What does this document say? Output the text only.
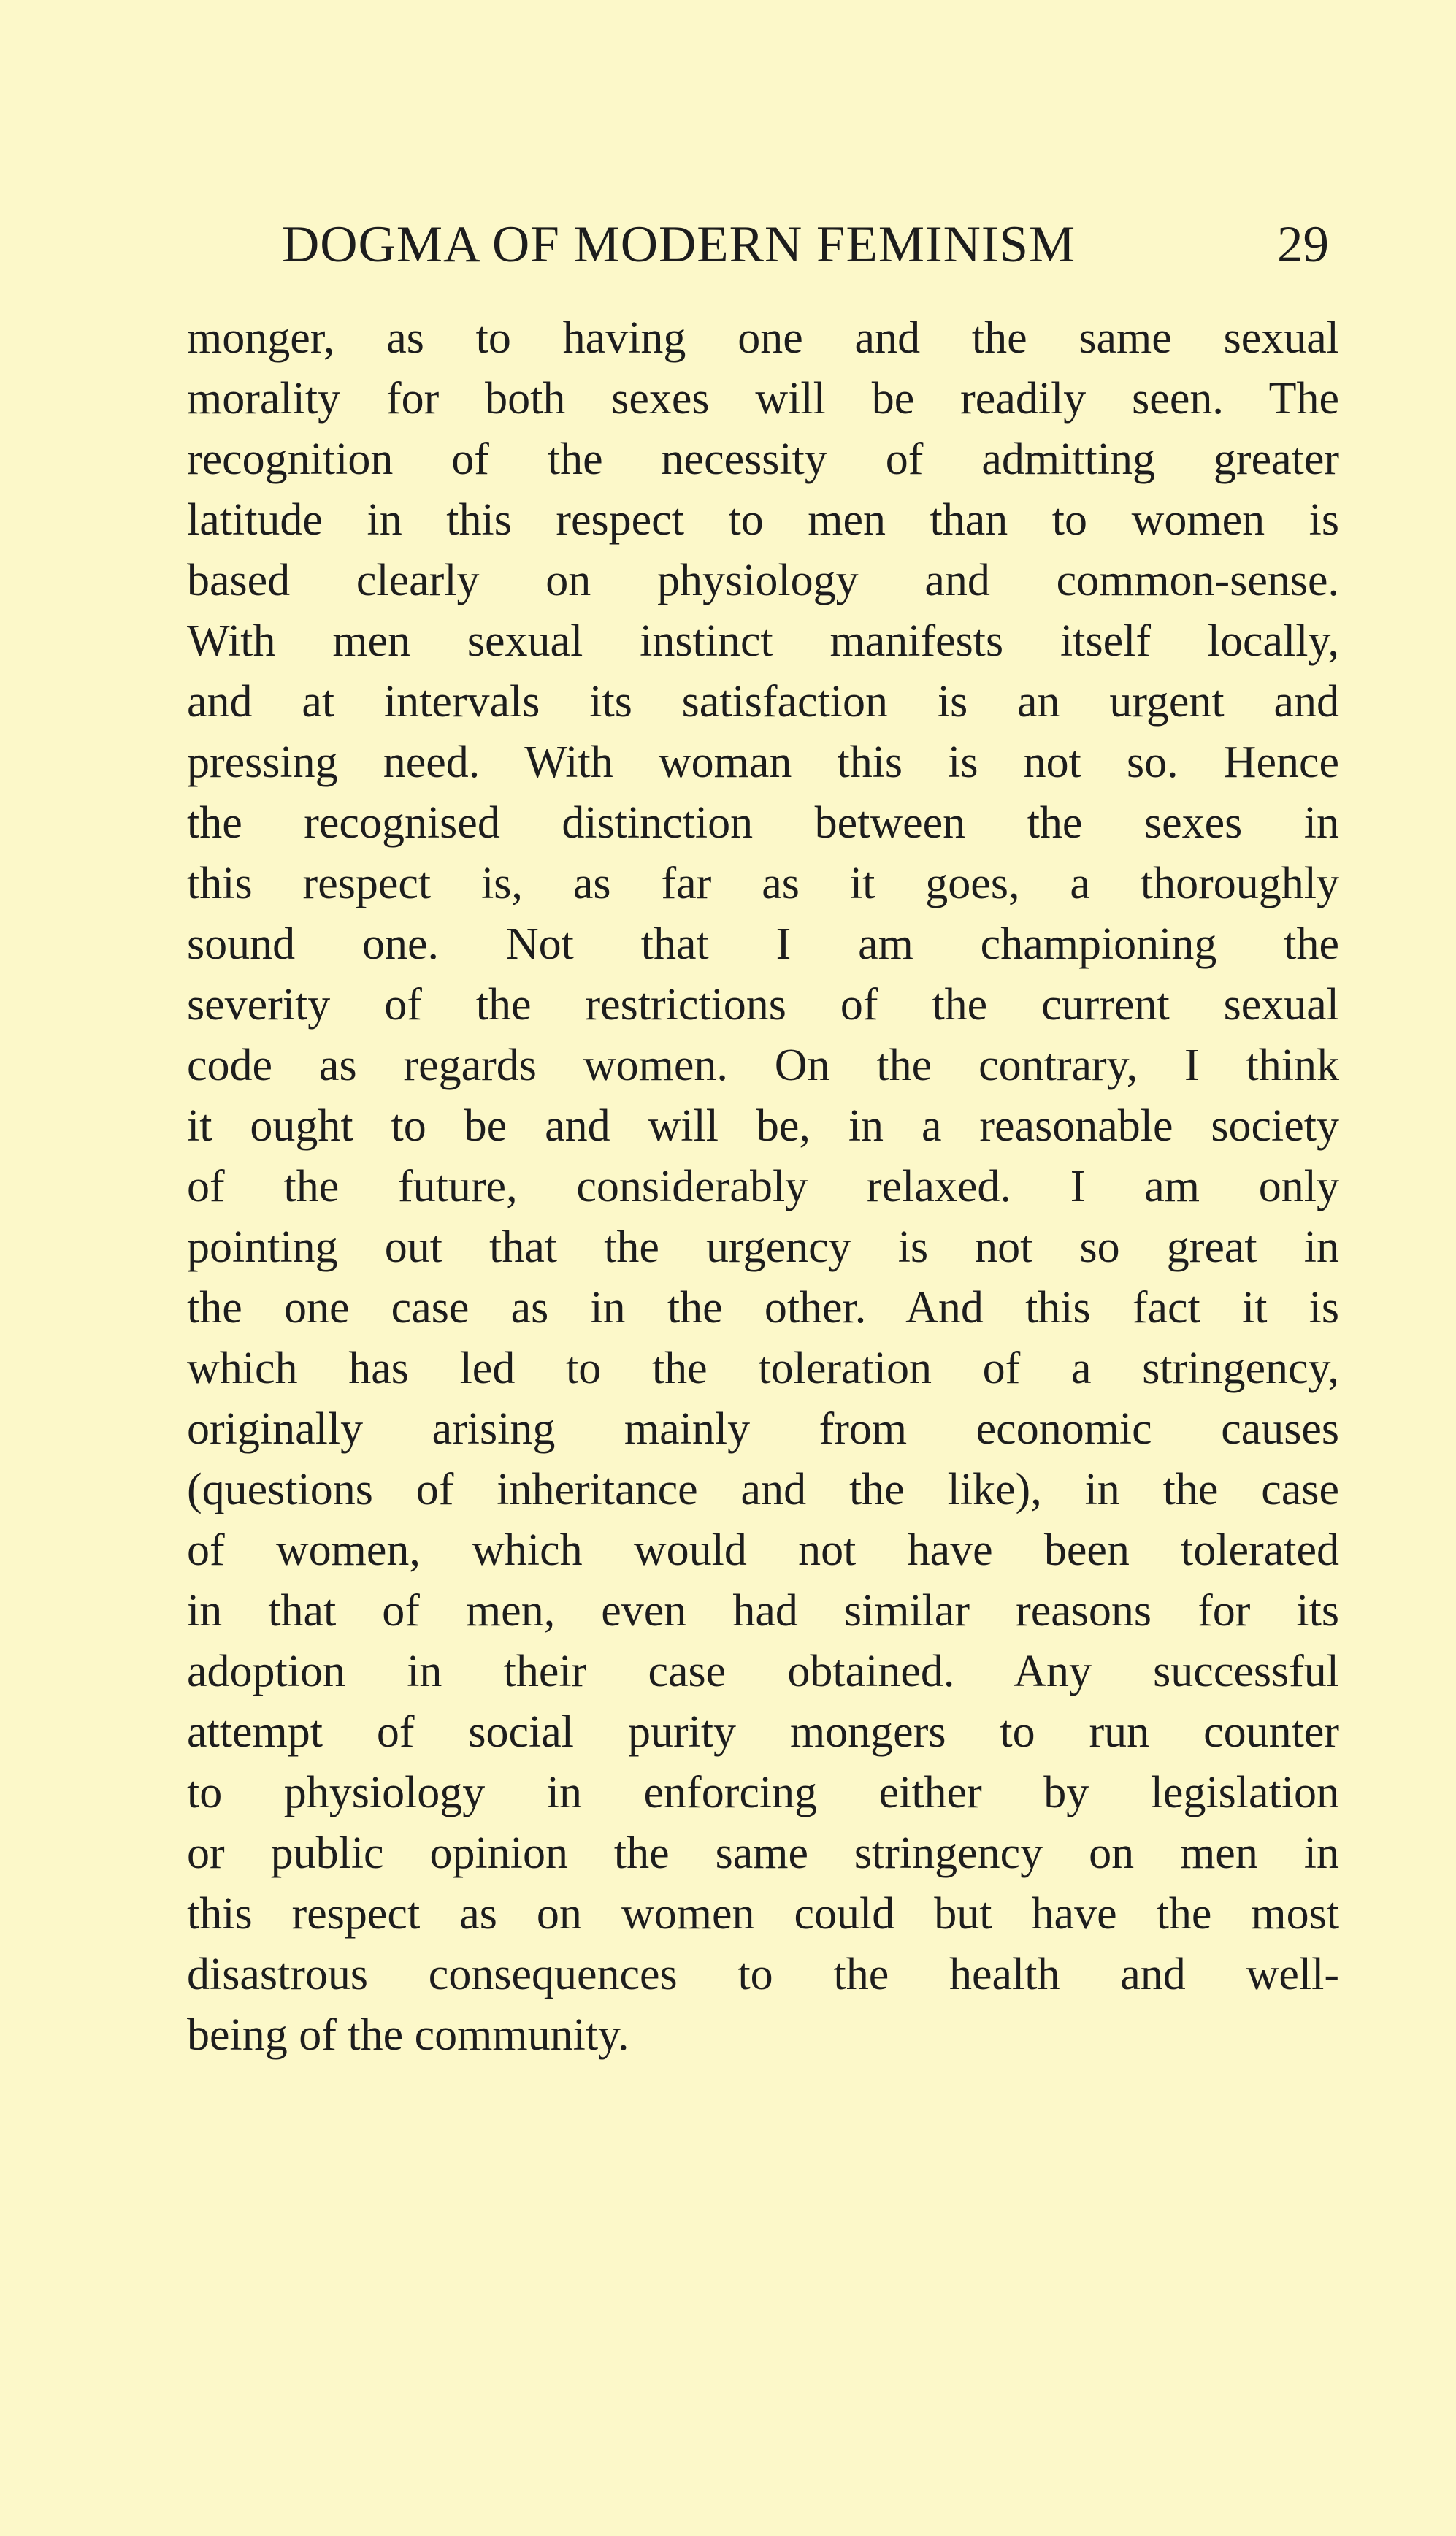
DOGMA OF MODERN FEMINISM	29
monger, as to having one and the same sexual
morality for both sexes will be readily seen. The
recognition of the necessity of admitting greater
latitude in this respect to men than to women is
based clearly on physiology and common-sense.
With men sexual instinct manifests itself locally,
and at intervals its satisfaction is an urgent and
pressing need. With woman this is not so. Hence
the recognised distinction between the sexes in
this respect is, as far as it goes, a thoroughly
sound one. Not that I am championing the
severity of the restrictions of the current sexual
code as regards women. On the contrary, I think
it ought to be and will be, in a reasonable society
of the future, considerably relaxed. I am only
pointing out that the urgency is not so great in
the one case as in the other. And this fact it is
which has led to the toleration of a stringency,
originally arising mainly from economic causes
(questions of inheritance and the like), in the case
of women, which would not have been tolerated
in that of men, even had similar reasons for its
adoption in their case obtained. Any successful
attempt of social purity mongers to run counter
to physiology in enforcing either by legislation
or public opinion the same stringency on men in
this respect as on women could but have the most
disastrous consequences to the health and well-
being of the community.
